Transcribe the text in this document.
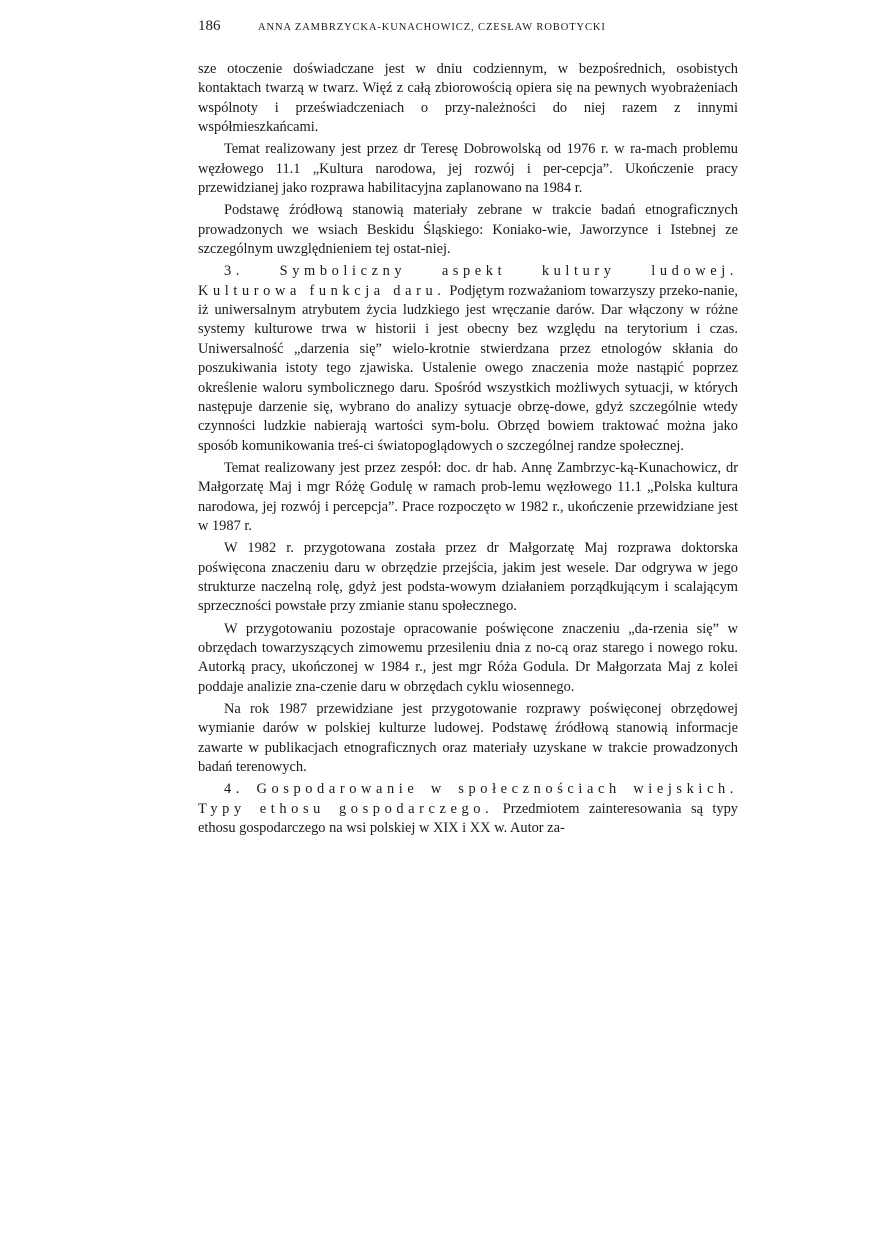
186	ANNA ZAMBRZYCKA-KUNACHOWICZ, CZESŁAW ROBOTYCKI

sze otoczenie doświadczane jest w dniu codziennym, w bezpośrednich, osobistych kontaktach twarzą w twarz. Więź z całą zbiorowością opiera się na pewnych wyobrażeniach wspólnoty i przeświadczeniach o przy-należności do niej razem z innymi współmieszkańcami.

Temat realizowany jest przez dr Teresę Dobrowolską od 1976 r. w ra-mach problemu węzłowego 11.1 „Kultura narodowa, jej rozwój i per-cepcja”. Ukończenie pracy przewidzianej jako rozprawa habilitacyjna zaplanowano na 1984 r.

Podstawę źródłową stanowią materiały zebrane w trakcie badań etnograficznych prowadzonych we wsiach Beskidu Śląskiego: Koniako-wie, Jaworzynce i Istebnej ze szczególnym uwzględnieniem tej ostat-niej.

3. Symboliczny aspekt kultury ludowej. Kulturowa funkcja daru. Podjętym rozważaniom towarzyszy przeko-nanie, iż uniwersalnym atrybutem życia ludzkiego jest wręczanie darów. Dar włączony w różne systemy kulturowe trwa w historii i jest obecny bez względu na terytorium i czas. Uniwersalność „darzenia się” wielo-krotnie stwierdzana przez etnologów skłania do poszukiwania istoty tego zjawiska. Ustalenie owego znaczenia może nastąpić poprzez określenie waloru symbolicznego daru. Spośród wszystkich możliwych sytuacji, w których następuje darzenie się, wybrano do analizy sytuacje obrzę-dowe, gdyż szczególnie wtedy czynności ludzkie nabierają wartości sym-bolu. Obrzęd bowiem traktować można jako sposób komunikowania treś-ci światopoglądowych o szczególnej randze społecznej.

Temat realizowany jest przez zespół: doc. dr hab. Annę Zambrzyc-ką-Kunachowicz, dr Małgorzatę Maj i mgr Różę Godulę w ramach prob-lemu węzłowego 11.1 „Polska kultura narodowa, jej rozwój i percepcja”. Prace rozpoczęto w 1982 r., ukończenie przewidziane jest w 1987 r.

W 1982 r. przygotowana została przez dr Małgorzatę Maj rozprawa doktorska poświęcona znaczeniu daru w obrzędzie przejścia, jakim jest wesele. Dar odgrywa w jego strukturze naczelną rolę, gdyż jest podsta-wowym działaniem porządkującym i scalającym sprzeczności powstałe przy zmianie stanu społecznego.

W przygotowaniu pozostaje opracowanie poświęcone znaczeniu „da-rzenia się” w obrzędach towarzyszących zimowemu przesileniu dnia z no-cą oraz starego i nowego roku. Autorką pracy, ukończonej w 1984 r., jest mgr Róża Godula. Dr Małgorzata Maj z kolei poddaje analizie zna-czenie daru w obrzędach cyklu wiosennego.

Na rok 1987 przewidziane jest przygotowanie rozprawy poświęconej obrzędowej wymianie darów w polskiej kulturze ludowej. Podstawę źródłową stanowią informacje zawarte w publikacjach etnograficznych oraz materiały uzyskane w trakcie prowadzonych badań terenowych.

4. Gospodarowanie w społecznościach wiejskich. Typy ethosu gospodarczego. Przedmiotem zainteresowania są typy ethosu gospodarczego na wsi polskiej w XIX i XX w. Autor za-
